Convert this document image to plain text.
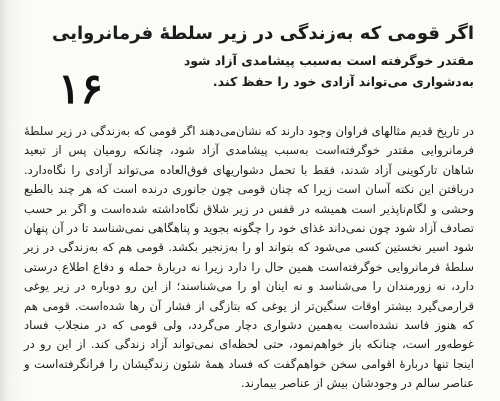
۱۶
اگر قومی که به‌زندگی در زیر سلطهٔ فرمانروایی

مقتدر خوگرفته است به‌سبب پیشامدی آزاد شود به‌دشواری می‌تواند آزادی خود را حفظ کند.

در تاریخ قدیم مثالهای فراوان وجود دارند که نشان‌می‌دهند اگر قومی که به‌زندگی در زیر سلطهٔ فرمانروایی مقتدر خوگرفته‌است به‌سبب پیشامدی آزاد شود، چنانکه رومیان پس از تبعید شاهان تارکوینی آزاد شدند، فقط با تحمل دشواریهای فوق‌العاده می‌تواند آزادی را نگاه‌دارد. دریافتن این نکته آسان است زیرا که چنان قومی چون جانوری درنده است که هر چند بالطبع وحشی و لگام‌ناپذیر است همیشه در قفس در زیر شلاق نگاه‌داشته شده‌است و اگر بر حسب تصادف آزاد شود چون نمی‌داند غذای خود را چگونه بجوید و پناهگاهی نمی‌شناسد تا در آن پنهان شود اسیر نخستین کسی می‌شود که بتواند او را به‌زنجیر بکشد. قومی هم که به‌زندگی در زیر سلطهٔ فرمانروایی خوگرفته‌است همین حال را دارد زیرا نه دربارهٔ حمله و دفاع اطلاع درستی دارد، نه زورمندان را می‌شناسد و نه اینان او را می‌شناسند؛ از این رو دوباره در زیر یوغی قرارمی‌گیرد بیشتر اوقات سنگین‌تر از یوغی که بتازگی از فشار آن رها شده‌است. قومی هم که هنوز فاسد نشده‌است به‌همین دشواری دچار می‌گردد، ولی قومی که در منجلاب فساد غوطه‌ور است، چنانکه باز خواهم‌نمود، حتی لحظه‌ای نمی‌تواند آزاد زندگی کند. از این رو در اینجا تنها دربارهٔ اقوامی سخن خواهم‌گفت که فساد همهٔ شئون زندگیشان را فرانگرفته‌است و عناصر سالم در وجودشان بیش از عناصر بیمارند.
